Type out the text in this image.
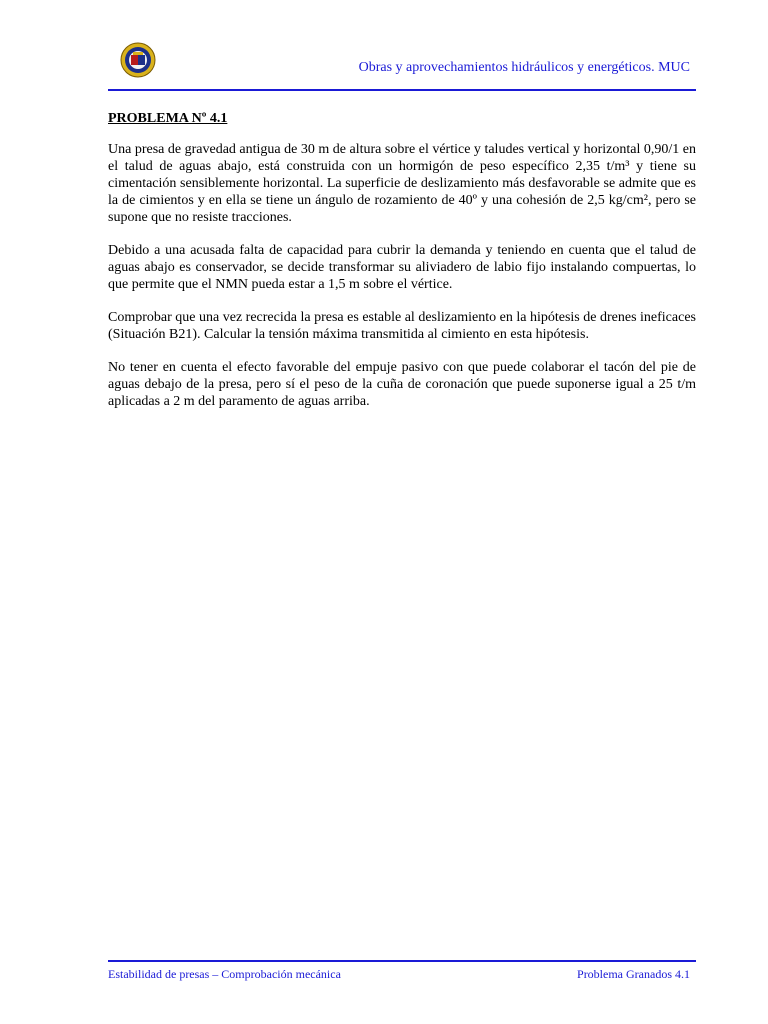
Obras y aprovechamientos hidráulicos y energéticos. MUC
PROBLEMA Nº 4.1

Una presa de gravedad antigua de 30 m de altura sobre el vértice y taludes vertical y horizontal 0,90/1 en el talud de aguas abajo, está construida con un hormigón de peso específico 2,35 t/m³ y tiene su cimentación sensiblemente horizontal. La superficie de deslizamiento más desfavorable se admite que es la de cimientos y en ella se tiene un ángulo de rozamiento de 40º y una cohesión de 2,5 kg/cm², pero se supone que no resiste tracciones.

Debido a una acusada falta de capacidad para cubrir la demanda y teniendo en cuenta que el talud de aguas abajo es conservador, se decide transformar su aliviadero de labio fijo instalando compuertas, lo que permite que el NMN pueda estar a 1,5 m sobre el vértice.

Comprobar que una vez recrecida la presa es estable al deslizamiento en la hipótesis de drenes ineficaces (Situación B21). Calcular la tensión máxima transmitida al cimiento en esta hipótesis.

No tener en cuenta el efecto favorable del empuje pasivo con que puede colaborar el tacón del pie de aguas debajo de la presa, pero sí el peso de la cuña de coronación que puede suponerse igual a 25 t/m aplicadas a 2 m del paramento de aguas arriba.

Estabilidad de presas – Comprobación mecánica	Problema Granados 4.1
